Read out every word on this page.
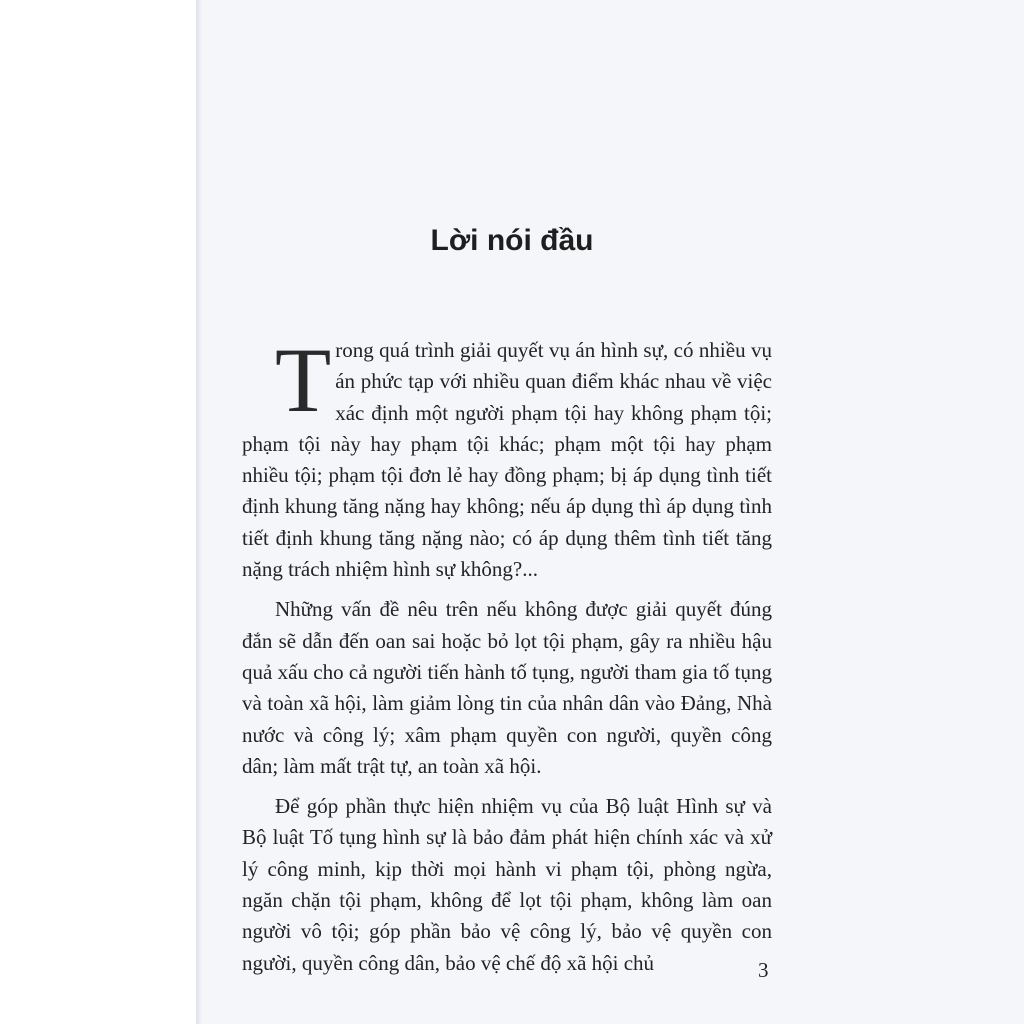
Lời nói đầu

Trong quá trình giải quyết vụ án hình sự, có nhiều vụ án phức tạp với nhiều quan điểm khác nhau về việc xác định một người phạm tội hay không phạm tội; phạm tội này hay phạm tội khác; phạm một tội hay phạm nhiều tội; phạm tội đơn lẻ hay đồng phạm; bị áp dụng tình tiết định khung tăng nặng hay không; nếu áp dụng thì áp dụng tình tiết định khung tăng nặng nào; có áp dụng thêm tình tiết tăng nặng trách nhiệm hình sự không?...

Những vấn đề nêu trên nếu không được giải quyết đúng đắn sẽ dẫn đến oan sai hoặc bỏ lọt tội phạm, gây ra nhiều hậu quả xấu cho cả người tiến hành tố tụng, người tham gia tố tụng và toàn xã hội, làm giảm lòng tin của nhân dân vào Đảng, Nhà nước và công lý; xâm phạm quyền con người, quyền công dân; làm mất trật tự, an toàn xã hội.

Để góp phần thực hiện nhiệm vụ của Bộ luật Hình sự và Bộ luật Tố tụng hình sự là bảo đảm phát hiện chính xác và xử lý công minh, kịp thời mọi hành vi phạm tội, phòng ngừa, ngăn chặn tội phạm, không để lọt tội phạm, không làm oan người vô tội; góp phần bảo vệ công lý, bảo vệ quyền con người, quyền công dân, bảo vệ chế độ xã hội chủ	3
